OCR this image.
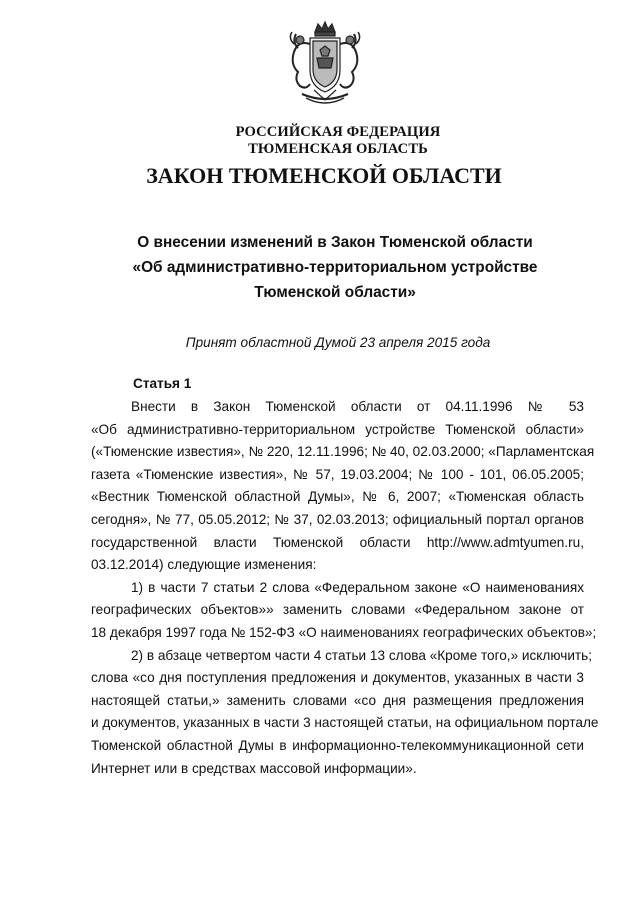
РОССИЙСКАЯ ФЕДЕРАЦИЯ
ТЮМЕНСКАЯ ОБЛАСТЬ
ЗАКОН ТЮМЕНСКОЙ ОБЛАСТИ
О внесении изменений в Закон Тюменской области
«Об административно-территориальном устройстве
Тюменской области»
Принят областной Думой 23 апреля 2015 года
Статья 1
Внести в Закон Тюменской области от 04.11.1996 № 53
«Об административно-территориальном устройстве Тюменской области»
(«Тюменские известия», № 220, 12.11.1996; № 40, 02.03.2000; «Парламентская
газета «Тюменские известия», № 57, 19.03.2004; № 100 - 101, 06.05.2005;
«Вестник Тюменской областной Думы», № 6, 2007; «Тюменская область
сегодня», № 77, 05.05.2012; № 37, 02.03.2013; официальный портал органов
государственной власти Тюменской области http://www.admtyumen.ru,
03.12.2014) следующие изменения:
1) в части 7 статьи 2 слова «Федеральном законе «О наименованиях
географических объектов»» заменить словами «Федеральном законе от
18 декабря 1997 года № 152-ФЗ «О наименованиях географических объектов»;
2) в абзаце четвертом части 4 статьи 13 слова «Кроме того,» исключить;
слова «со дня поступления предложения и документов, указанных в части 3
настоящей статьи,» заменить словами «со дня размещения предложения
и документов, указанных в части 3 настоящей статьи, на официальном портале
Тюменской областной Думы в информационно-телекоммуникационной сети
Интернет или в средствах массовой информации».
